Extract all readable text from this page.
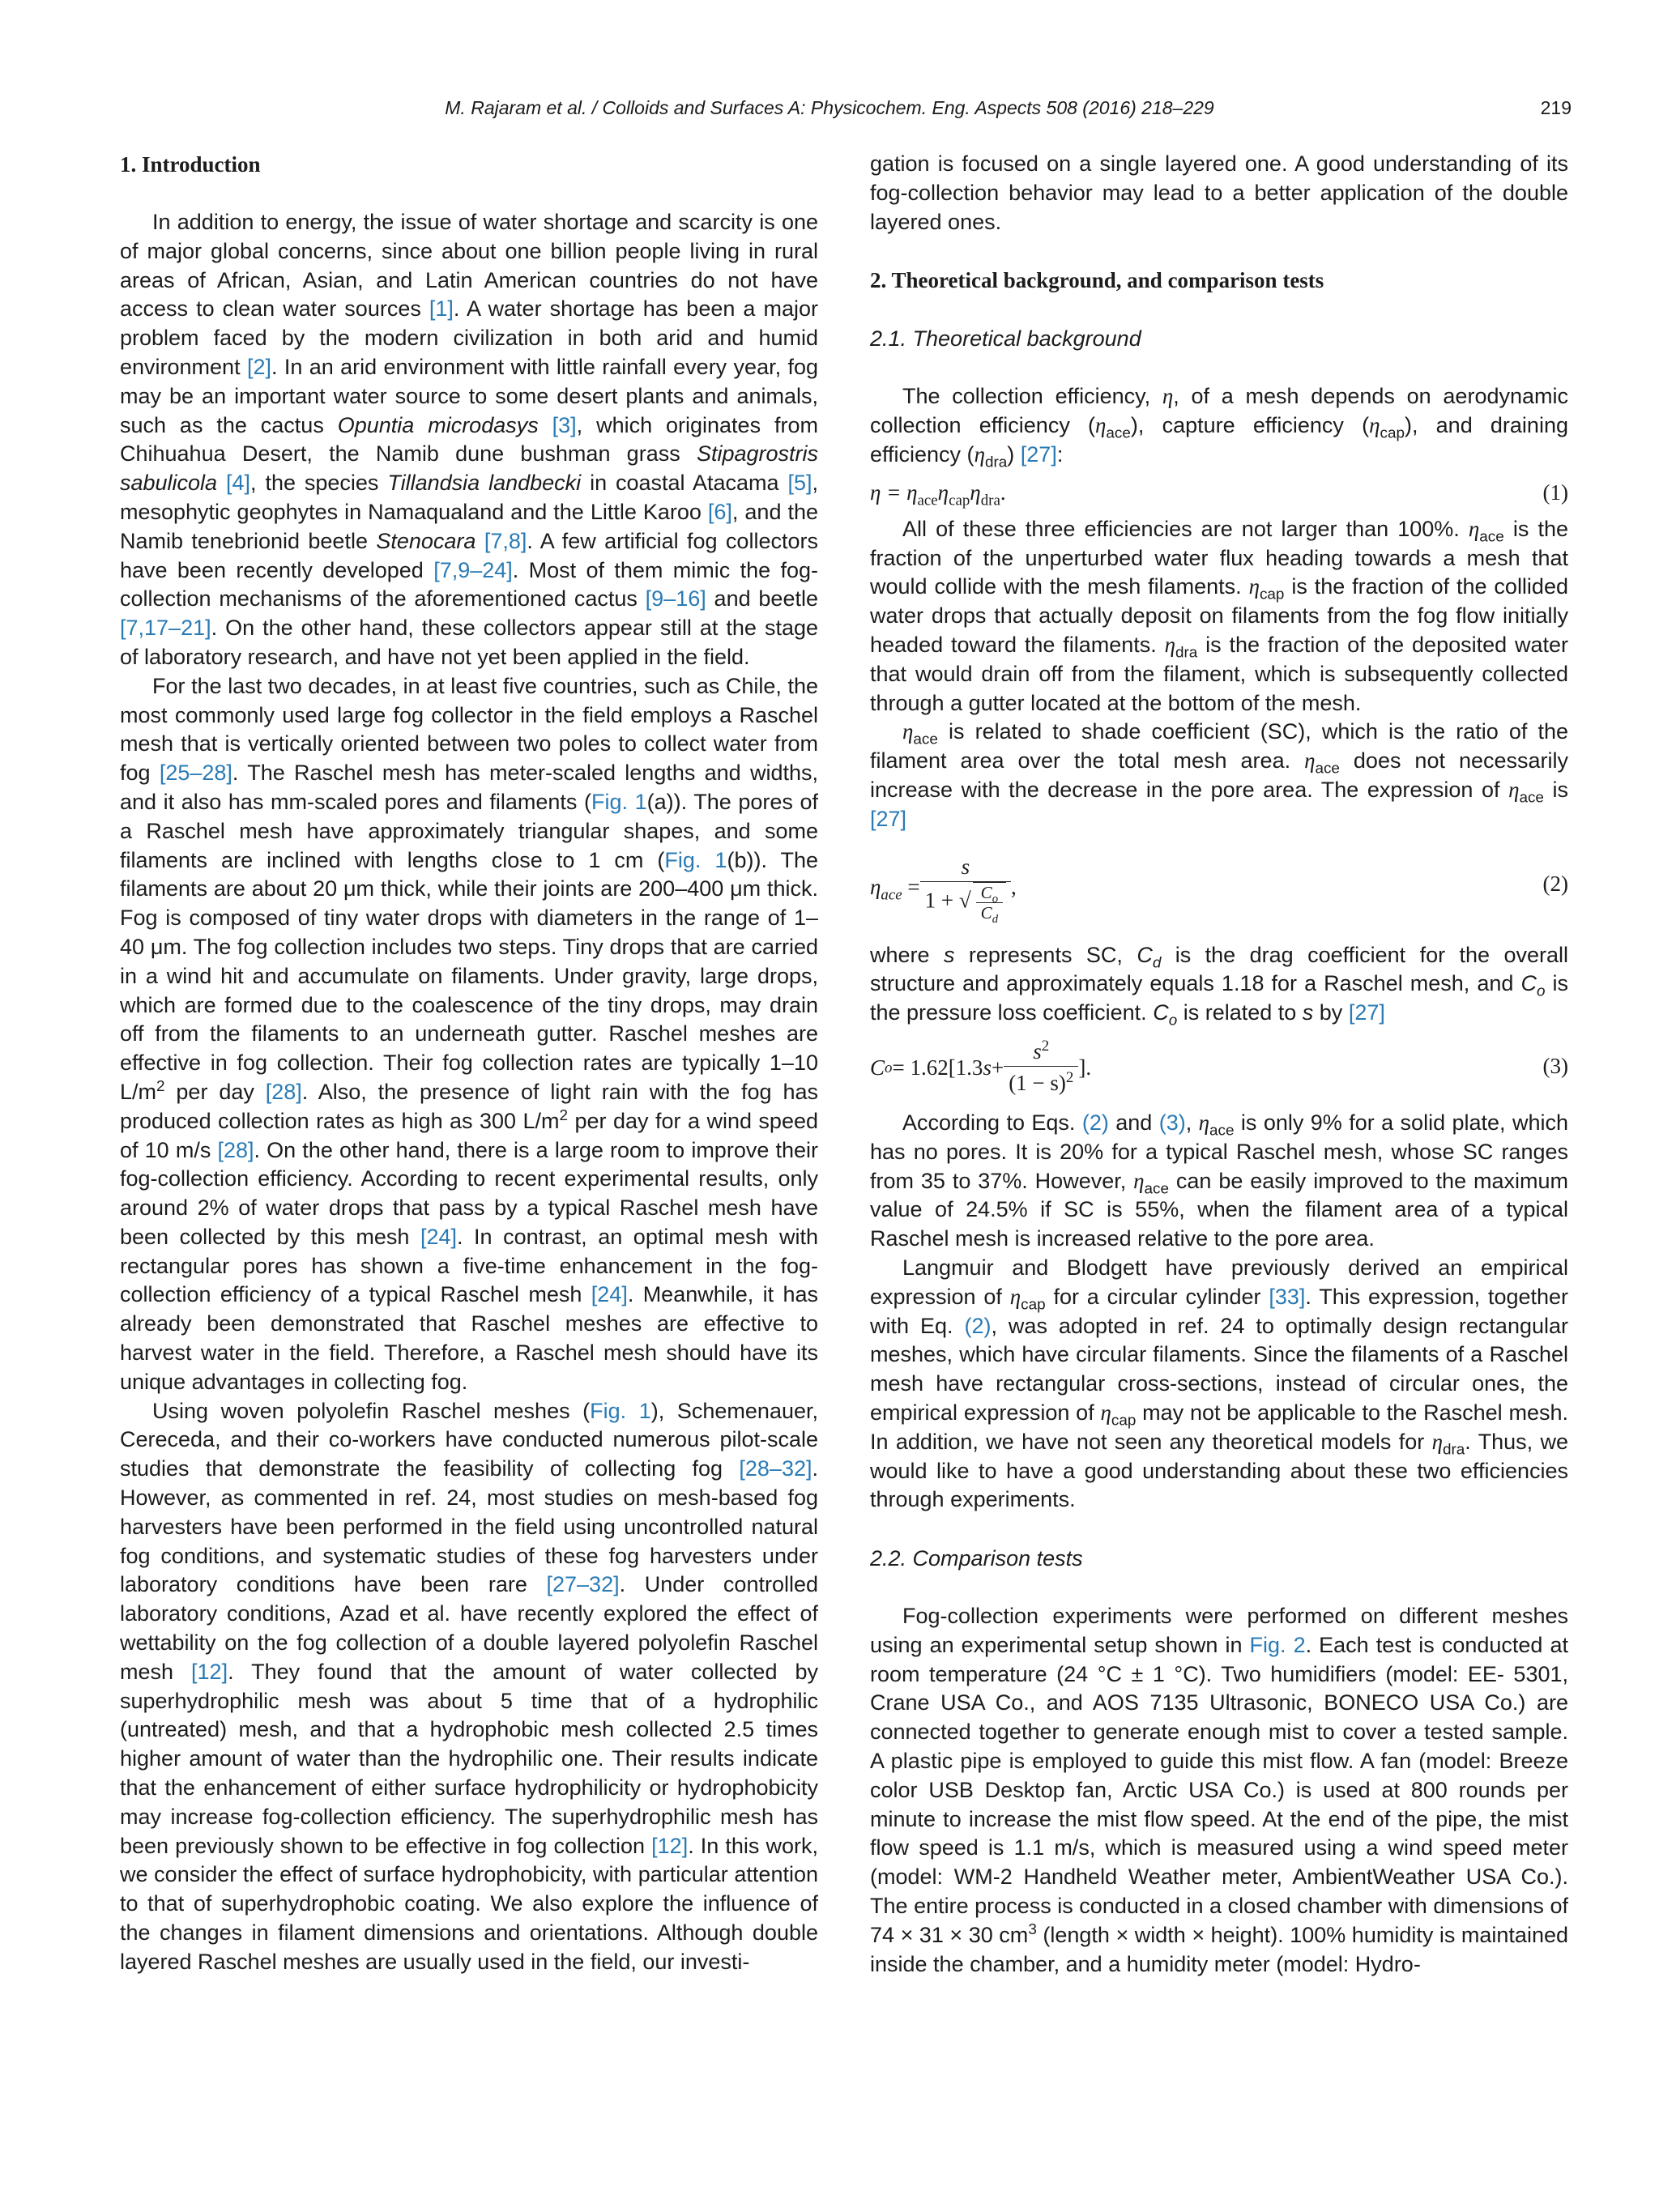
M. Rajaram et al. / Colloids and Surfaces A: Physicochem. Eng. Aspects 508 (2016) 218–229	219
1. Introduction

In addition to energy, the issue of water shortage and scarcity is one of major global concerns, since about one billion people living in rural areas of African, Asian, and Latin American countries do not have access to clean water sources [1]. A water shortage has been a major problem faced by the modern civilization in both arid and humid environment [2]. In an arid environment with little rainfall every year, fog may be an important water source to some desert plants and animals, such as the cactus Opuntia microdasys [3], which originates from Chihuahua Desert, the Namib dune bushman grass Stipagrostris sabulicola [4], the species Tillandsia landbecki in coastal Atacama [5], mesophytic geophytes in Namaqualand and the Little Karoo [6], and the Namib tenebrionid beetle Stenocara [7,8]. A few artificial fog collectors have been recently developed [7,9–24]. Most of them mimic the fog-collection mechanisms of the aforementioned cactus [9–16] and beetle [7,17–21]. On the other hand, these collectors appear still at the stage of laboratory research, and have not yet been applied in the field.

For the last two decades, in at least five countries, such as Chile, the most commonly used large fog collector in the field employs a Raschel mesh that is vertically oriented between two poles to collect water from fog [25–28]. The Raschel mesh has meter-scaled lengths and widths, and it also has mm-scaled pores and filaments (Fig. 1(a)). The pores of a Raschel mesh have approximately triangular shapes, and some filaments are inclined with lengths close to 1 cm (Fig. 1(b)). The filaments are about 20 μm thick, while their joints are 200–400 μm thick. Fog is composed of tiny water drops with diameters in the range of 1–40 μm. The fog collection includes two steps. Tiny drops that are carried in a wind hit and accumulate on filaments. Under gravity, large drops, which are formed due to the coalescence of the tiny drops, may drain off from the filaments to an underneath gutter. Raschel meshes are effective in fog collection. Their fog collection rates are typically 1–10 $L/m^2$ per day [28]. Also, the presence of light rain with the fog has produced collection rates as high as 300 $L/m^2$ per day for a wind speed of 10 m/s [28]. On the other hand, there is a large room to improve their fog-collection efficiency. According to recent experimental results, only around 2% of water drops that pass by a typical Raschel mesh have been collected by this mesh [24]. In contrast, an optimal mesh with rectangular pores has shown a five-time enhancement in the fog-collection efficiency of a typical Raschel mesh [24]. Meanwhile, it has already been demonstrated that Raschel meshes are effective to harvest water in the field. Therefore, a Raschel mesh should have its unique advantages in collecting fog.

Using woven polyolefin Raschel meshes (Fig. 1), Schemenauer, Cereceda, and their co-workers have conducted numerous pilot-scale studies that demonstrate the feasibility of collecting fog [28–32]. However, as commented in ref. 24, most studies on mesh-based fog harvesters have been performed in the field using uncontrolled natural fog conditions, and systematic studies of these fog harvesters under laboratory conditions have been rare [27–32]. Under controlled laboratory conditions, Azad et al. have recently explored the effect of wettability on the fog collection of a double layered polyolefin Raschel mesh [12]. They found that the amount of water collected by superhydrophilic mesh was about 5 time that of a hydrophilic (untreated) mesh, and that a hydrophobic mesh collected 2.5 times higher amount of water than the hydrophilic one. Their results indicate that the enhancement of either surface hydrophilicity or hydrophobicity may increase fog-collection efficiency. The superhydrophilic mesh has been previously shown to be effective in fog collection [12]. In this work, we consider the effect of surface hydrophobicity, with particular attention to that of superhydrophobic coating. We also explore the influence of the changes in filament dimensions and orientations. Although double layered Raschel meshes are usually used in the field, our investi-

gation is focused on a single layered one. A good understanding of its fog-collection behavior may lead to a better application of the double layered ones.

2. Theoretical background, and comparison tests
2.1. Theoretical background

The collection efficiency, η, of a mesh depends on aerodynamic collection efficiency $(\eta_{ace})$, capture efficiency $(\eta_{cap})$, and draining efficiency $(\eta_{dra})$ [27]:

$\eta = \eta_{ace}\eta_{cap}\eta_{dra}$.	(1)

All of these three efficiencies are not larger than 100%. $\eta_{ace}$ is the fraction of the unperturbed water flux heading towards a mesh that would collide with the mesh filaments. $\eta_{cap}$ is the fraction of the collided water drops that actually deposit on filaments from the fog flow initially headed toward the filaments. $\eta_{dra}$ is the fraction of the deposited water that would drain off from the filament, which is subsequently collected through a gutter located at the bottom of the mesh.

$\eta_{ace}$ is related to shade coefficient (SC), which is the ratio of the filament area over the total mesh area. $\eta_{ace}$ does not necessarily increase with the decrease in the pore area. The expression of $\eta_{ace}$ is [27]

$\eta_{ace} = \frac{s}{1 + √ \frac{C_o}{C_d}}$ ,	(2)

where s represents SC, $C_d$ is the drag coefficient for the overall structure and approximately equals 1.18 for a Raschel mesh, and $C_o$ is the pressure loss coefficient. $C_o$ is related to s by [27]

C o = 1.62[1.3 $s + \frac{s^2}{(1 - s)^2}$ ].	(3)

According to Eqs. (2) and (3), $\eta_{ace}$ is only 9% for a solid plate, which has no pores. It is 20% for a typical Raschel mesh, whose SC ranges from 35 to 37%. However, $\eta_{ace}$ can be easily improved to the maximum value of 24.5% if SC is 55%, when the filament area of a typical Raschel mesh is increased relative to the pore area.

Langmuir and Blodgett have previously derived an empirical expression of $\eta_{cap}$ for a circular cylinder [33]. This expression, together with Eq. (2), was adopted in ref. 24 to optimally design rectangular meshes, which have circular filaments. Since the filaments of a Raschel mesh have rectangular cross-sections, instead of circular ones, the empirical expression of $\eta_{cap}$ may not be applicable to the Raschel mesh. In addition, we have not seen any theoretical models for $\eta_{dra}$. Thus, we would like to have a good understanding about these two efficiencies through experiments.

2.2. Comparison tests

Fog-collection experiments were performed on different meshes using an experimental setup shown in Fig. 2. Each test is conducted at room temperature (24 °C ± 1 °C). Two humidifiers (model: EE- 5301, Crane USA Co., and AOS 7135 Ultrasonic, BONECO USA Co.) are connected together to generate enough mist to cover a tested sample. A plastic pipe is employed to guide this mist flow. A fan (model: Breeze color USB Desktop fan, Arctic USA Co.) is used at 800 rounds per minute to increase the mist flow speed. At the end of the pipe, the mist flow speed is 1.1 m/s, which is measured using a wind speed meter (model: WM-2 Handheld Weather meter, AmbientWeather USA Co.). The entire process is conducted in a closed chamber with dimensions of 74 × 31 × 30 $cm^3$ (length × width × height). 100% humidity is maintained inside the chamber, and a humidity meter (model: Hydro-
